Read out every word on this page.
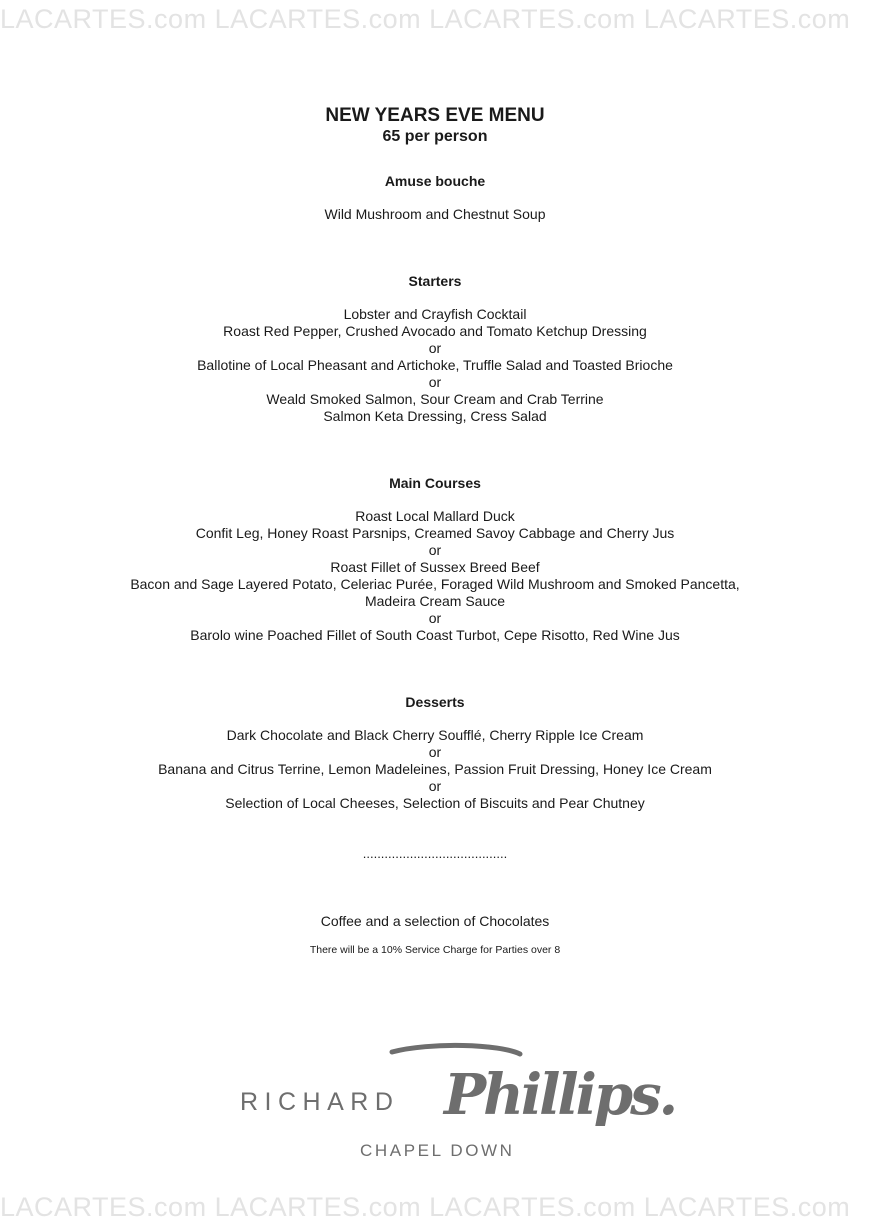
LACARTES.com LACARTES.com LACARTES.com LACARTES.com

NEW YEARS EVE MENU

65 per person

Amuse bouche
Wild Mushroom and Chestnut Soup
Starters
Lobster and Crayfish Cocktail
Roast Red Pepper, Crushed Avocado and Tomato Ketchup Dressing
or
Ballotine of Local Pheasant and Artichoke, Truffle Salad and Toasted Brioche
or
Weald Smoked Salmon, Sour Cream and Crab Terrine
Salmon Keta Dressing, Cress Salad
Main Courses
Roast Local Mallard Duck
Confit Leg, Honey Roast Parsnips, Creamed Savoy Cabbage and Cherry Jus
or
Roast Fillet of Sussex Breed Beef
Bacon and Sage Layered Potato, Celeriac Purée, Foraged Wild Mushroom and Smoked Pancetta,
Madeira Cream Sauce
or
Barolo wine Poached Fillet of South Coast Turbot, Cepe Risotto, Red Wine Jus
Desserts
Dark Chocolate and Black Cherry Soufflé, Cherry Ripple Ice Cream
or
Banana and Citrus Terrine, Lemon Madeleines, Passion Fruit Dressing, Honey Ice Cream
or
Selection of Local Cheeses, Selection of Biscuits and Pear Chutney
........................................
Coffee and a selection of Chocolates
There will be a 10% Service Charge for Parties over 8
RICHARD Phillips.
CHAPEL DOWN
LACARTES.com LACARTES.com LACARTES.com LACARTES.com
